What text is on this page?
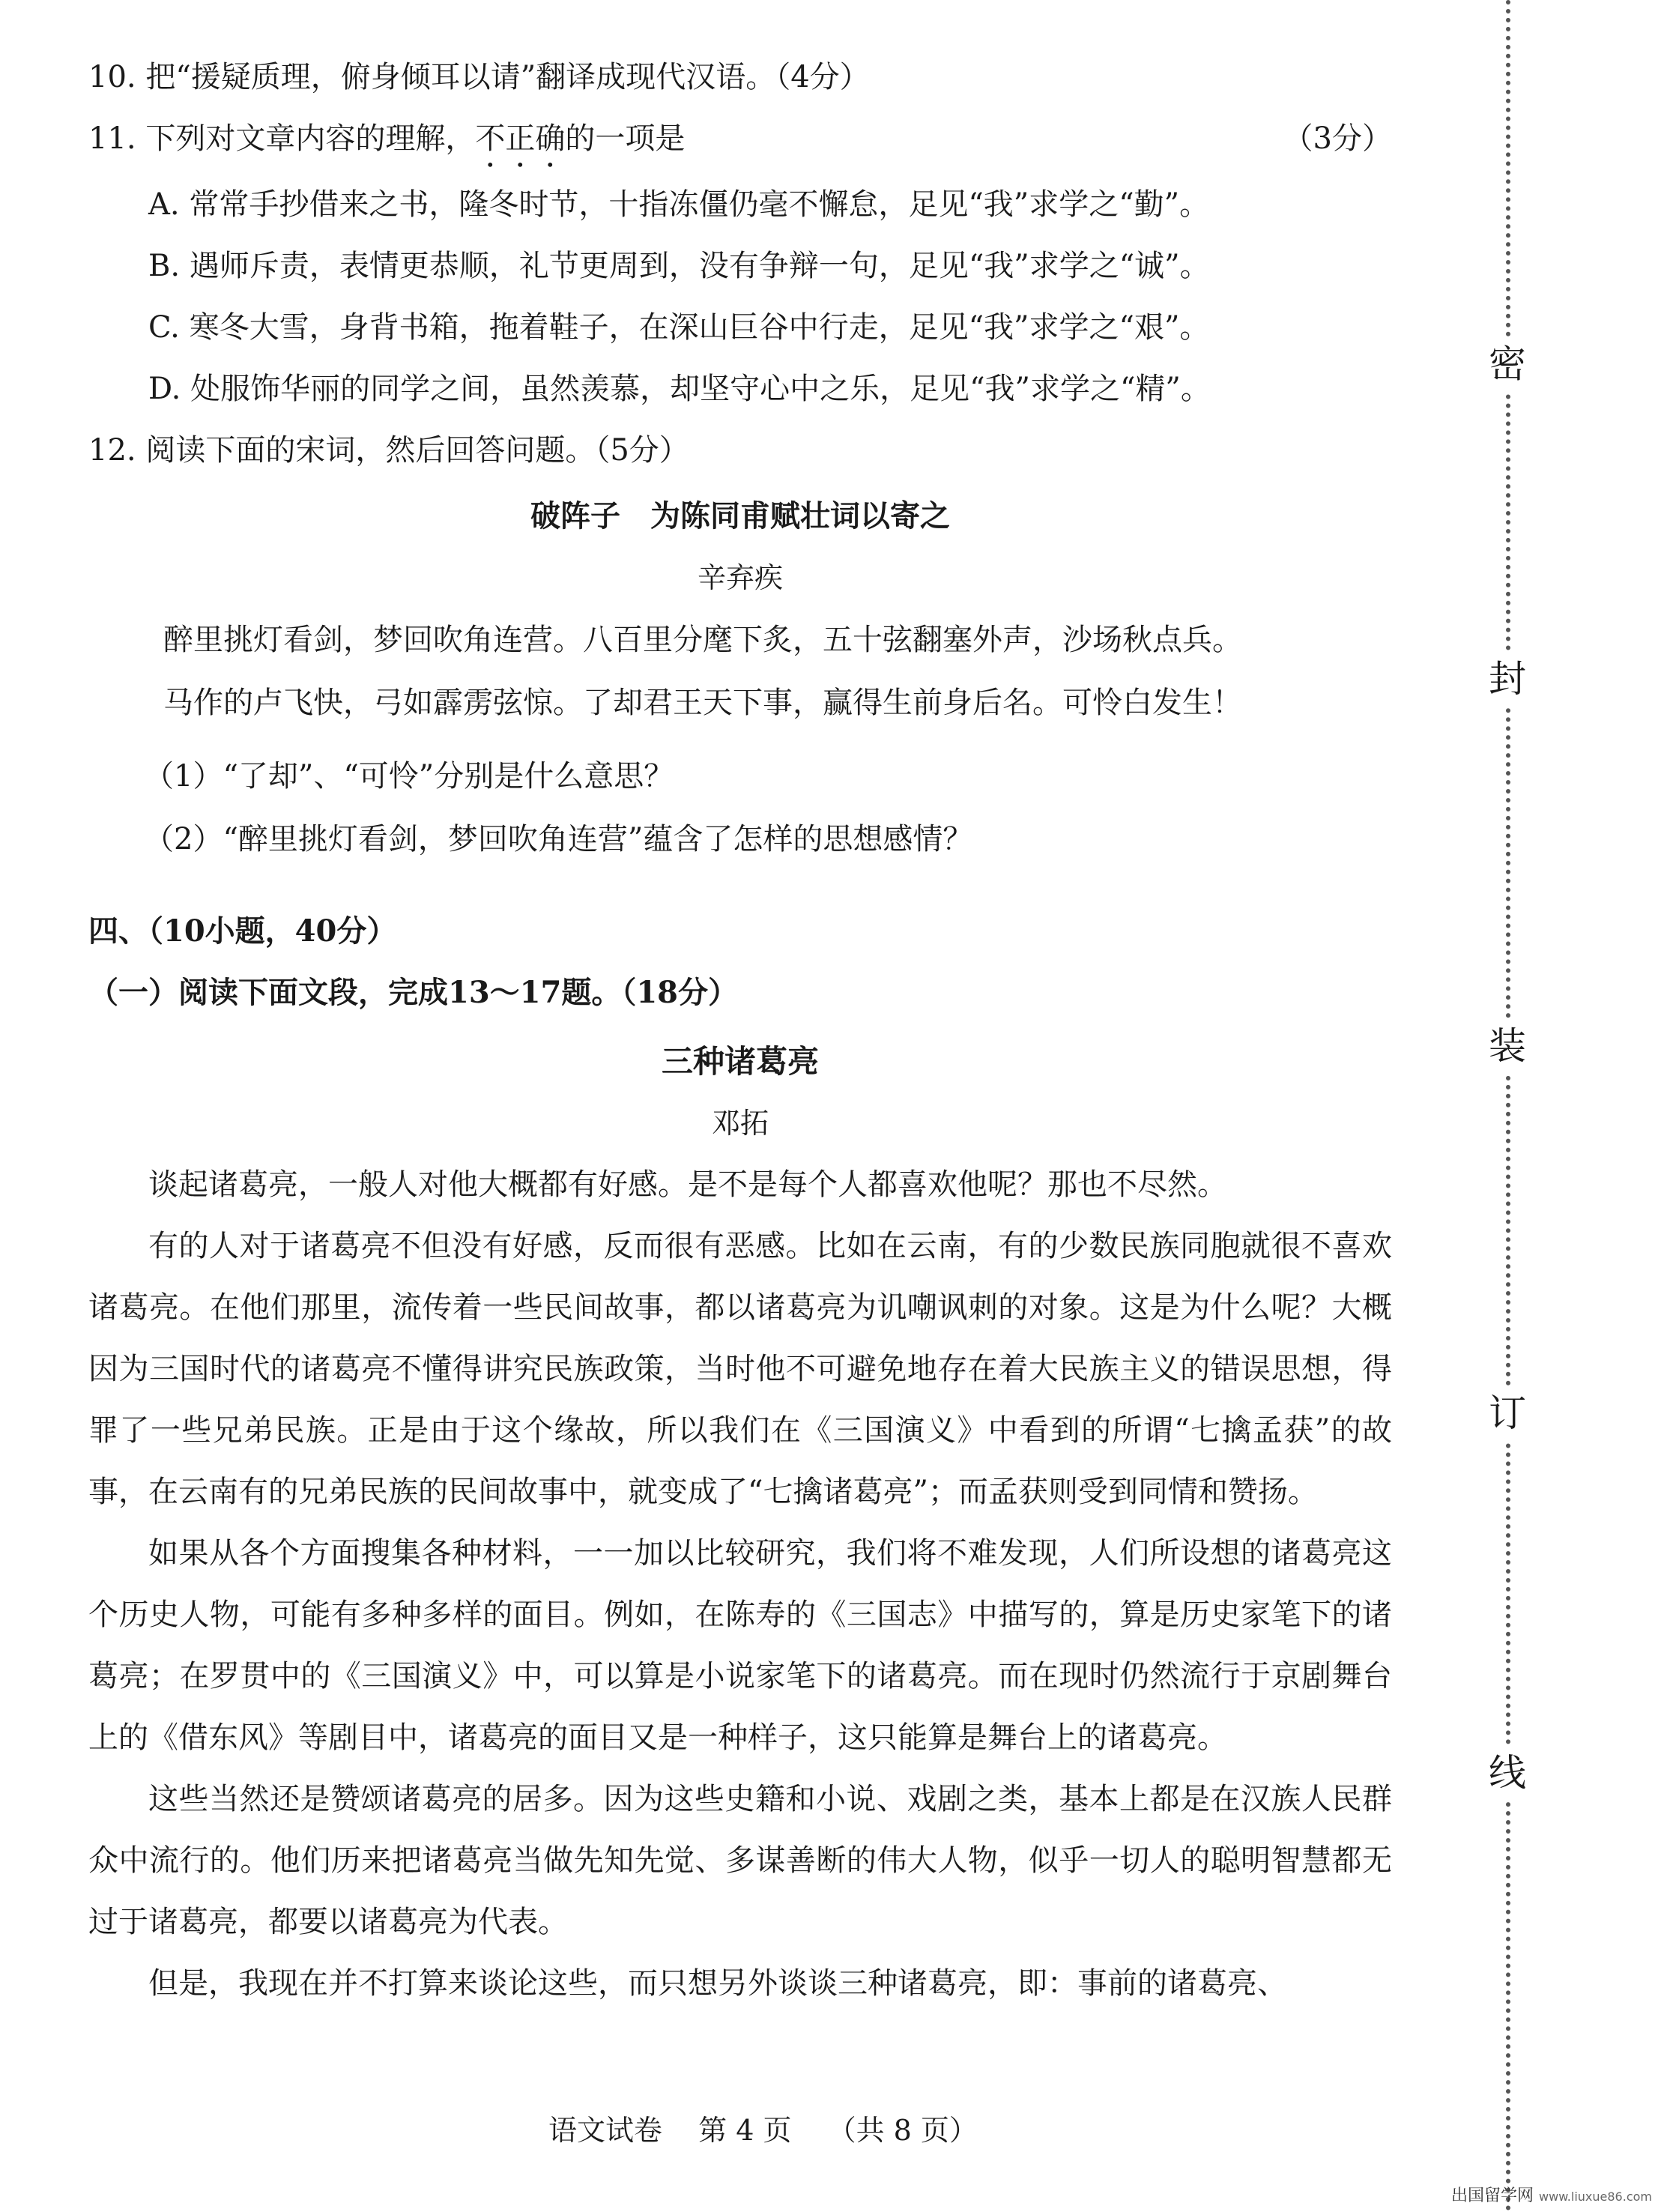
10. 把“援疑质理，俯身倾耳以请”翻译成现代汉语。（4分）
11. 下列对文章内容的理解，不正确的一项是	（3分）
A. 常常手抄借来之书，隆冬时节，十指冻僵仍毫不懈怠，足见“我”求学之“勤”。
B. 遇师斥责，表情更恭顺，礼节更周到，没有争辩一句，足见“我”求学之“诚”。
C. 寒冬大雪，身背书箱，拖着鞋子，在深山巨谷中行走，足见“我”求学之“艰”。
D. 处服饰华丽的同学之间，虽然羡慕，却坚守心中之乐，足见“我”求学之“精”。
12. 阅读下面的宋词，然后回答问题。（5分）
破阵子　为陈同甫赋壮词以寄之
辛弃疾
醉里挑灯看剑，梦回吹角连营。八百里分麾下炙，五十弦翻塞外声，沙场秋点兵。
马作的卢飞快，弓如霹雳弦惊。了却君王天下事，赢得生前身后名。可怜白发生！
（1）“了却”、“可怜”分别是什么意思？
（2）“醉里挑灯看剑，梦回吹角连营”蕴含了怎样的思想感情？
四、（10小题，40分）
（一）阅读下面文段，完成13～17题。（18分）
三种诸葛亮
邓拓
谈起诸葛亮，一般人对他大概都有好感。是不是每个人都喜欢他呢？那也不尽然。
有的人对于诸葛亮不但没有好感，反而很有恶感。比如在云南，有的少数民族同胞就很不喜欢诸葛亮。在他们那里，流传着一些民间故事，都以诸葛亮为讥嘲讽刺的对象。这是为什么呢？大概因为三国时代的诸葛亮不懂得讲究民族政策，当时他不可避免地存在着大民族主义的错误思想，得罪了一些兄弟民族。正是由于这个缘故，所以我们在《三国演义》中看到的所谓“七擒孟获”的故事，在云南有的兄弟民族的民间故事中，就变成了“七擒诸葛亮”；而孟获则受到同情和赞扬。
如果从各个方面搜集各种材料，一一加以比较研究，我们将不难发现，人们所设想的诸葛亮这个历史人物，可能有多种多样的面目。例如，在陈寿的《三国志》中描写的，算是历史家笔下的诸葛亮；在罗贯中的《三国演义》中，可以算是小说家笔下的诸葛亮。而在现时仍然流行于京剧舞台上的《借东风》等剧目中，诸葛亮的面目又是一种样子，这只能算是舞台上的诸葛亮。
这些当然还是赞颂诸葛亮的居多。因为这些史籍和小说、戏剧之类，基本上都是在汉族人民群众中流行的。他们历来把诸葛亮当做先知先觉、多谋善断的伟大人物，似乎一切人的聪明智慧都无过于诸葛亮，都要以诸葛亮为代表。
但是，我现在并不打算来谈论这些，而只想另外谈谈三种诸葛亮，即：事前的诸葛亮、
语文试卷 第 4 页 （共 8 页）
密
封
装
订
线
出国留学网 www.liuxue86.com
